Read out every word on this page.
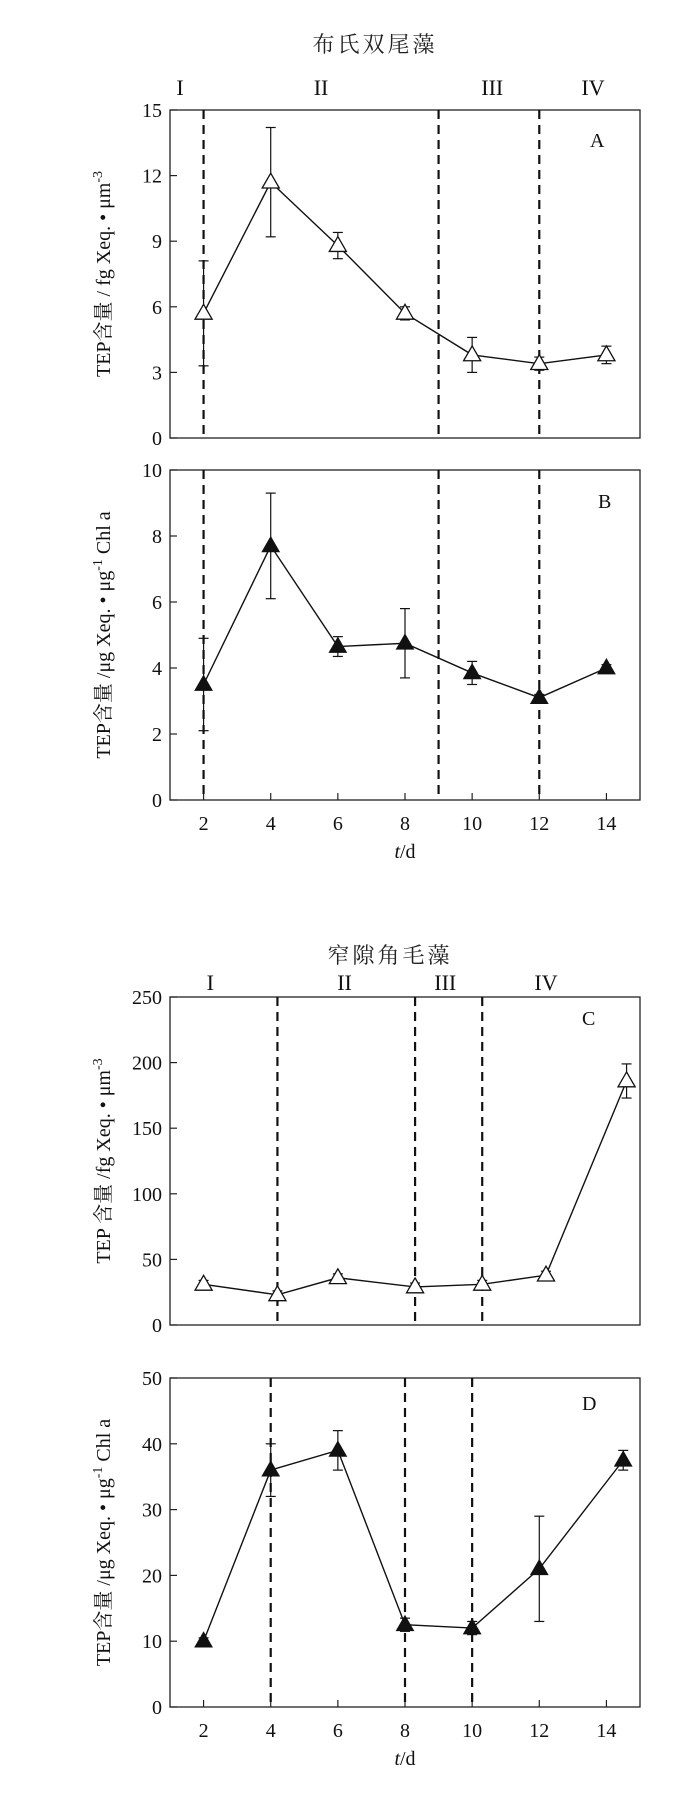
布氏双尾藻
窄隙角毛藻
0
3
6
9
12
15
I	II	III	IV
A
TEP含量 / fg Xeq. • $\mu m^{-3}$
0
2
4
6
8
10
2	4	6	8	10 12 14
B
TEP含量 /μg Xeq. • $\mu g^{-1}$ Chl a
t/d
0
50
100
150
200
250
I	II	III	IV
C
TEP 含量 /fg Xeq. • $\mu m^{-3}$
0
10
20
30
40
50
2	4	6	8	10 12 14
D
TEP含量 /μg Xeq. • $\mu g^{-1}$ Chl a
t/d
